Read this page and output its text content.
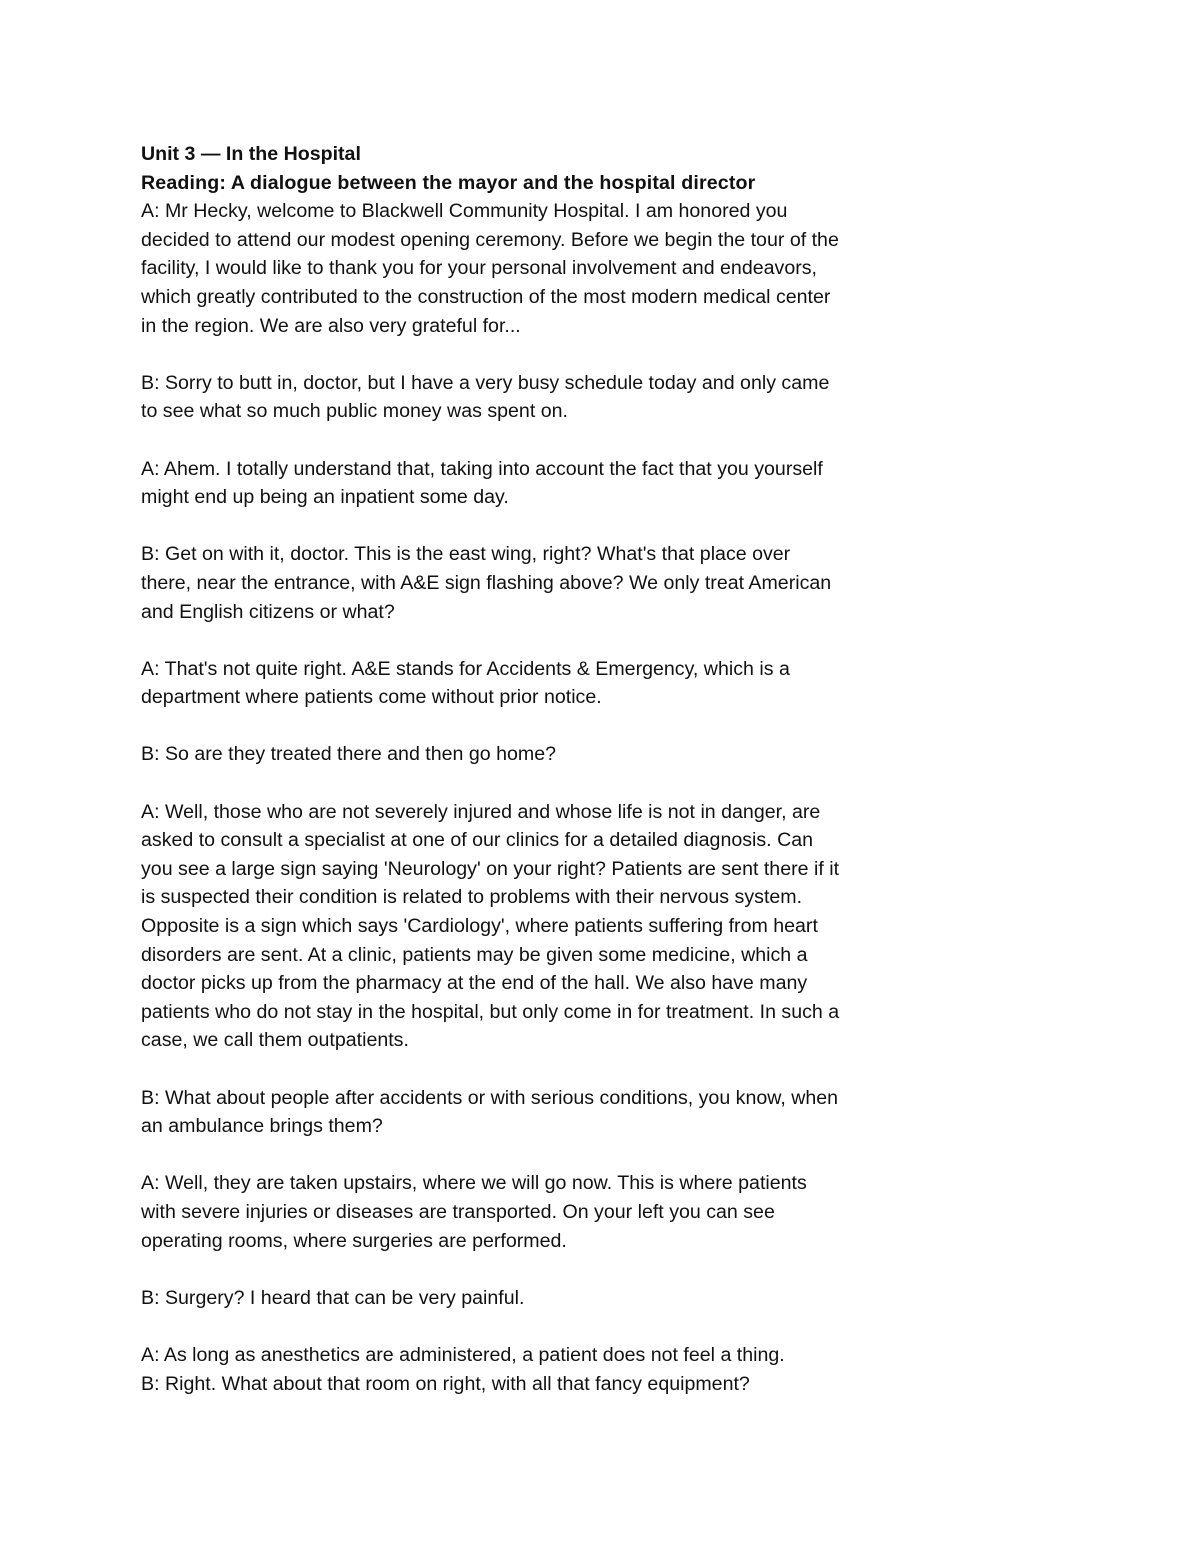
Unit 3 — In the Hospital
Reading: A dialogue between the mayor and the hospital director

A: Mr Hecky, welcome to Blackwell Community Hospital. I am honored you
decided to attend our modest opening ceremony. Before we begin the tour of the
facility, I would like to thank you for your personal involvement and endeavors,
which greatly contributed to the construction of the most modern medical center
in the region. We are also very grateful for...

B: Sorry to butt in, doctor, but I have a very busy schedule today and only came
to see what so much public money was spent on.

A: Ahem. I totally understand that, taking into account the fact that you yourself
might end up being an inpatient some day.

B: Get on with it, doctor. This is the east wing, right? What's that place over
there, near the entrance, with A&E sign flashing above? We only treat American
and English citizens or what?

A: That's not quite right. A&E stands for Accidents & Emergency, which is a
department where patients come without prior notice.

B: So are they treated there and then go home?

A: Well, those who are not severely injured and whose life is not in danger, are
asked to consult a specialist at one of our clinics for a detailed diagnosis. Can
you see a large sign saying 'Neurology' on your right? Patients are sent there if it
is suspected their condition is related to problems with their nervous system.
Opposite is a sign which says 'Cardiology', where patients suffering from heart
disorders are sent. At a clinic, patients may be given some medicine, which a
doctor picks up from the pharmacy at the end of the hall. We also have many
patients who do not stay in the hospital, but only come in for treatment. In such a
case, we call them outpatients.

B: What about people after accidents or with serious conditions, you know, when
an ambulance brings them?

A: Well, they are taken upstairs, where we will go now. This is where patients
with severe injuries or diseases are transported. On your left you can see
operating rooms, where surgeries are performed.

B: Surgery? I heard that can be very painful.

A: As long as anesthetics are administered, a patient does not feel a thing.

B: Right. What about that room on right, with all that fancy equipment?
